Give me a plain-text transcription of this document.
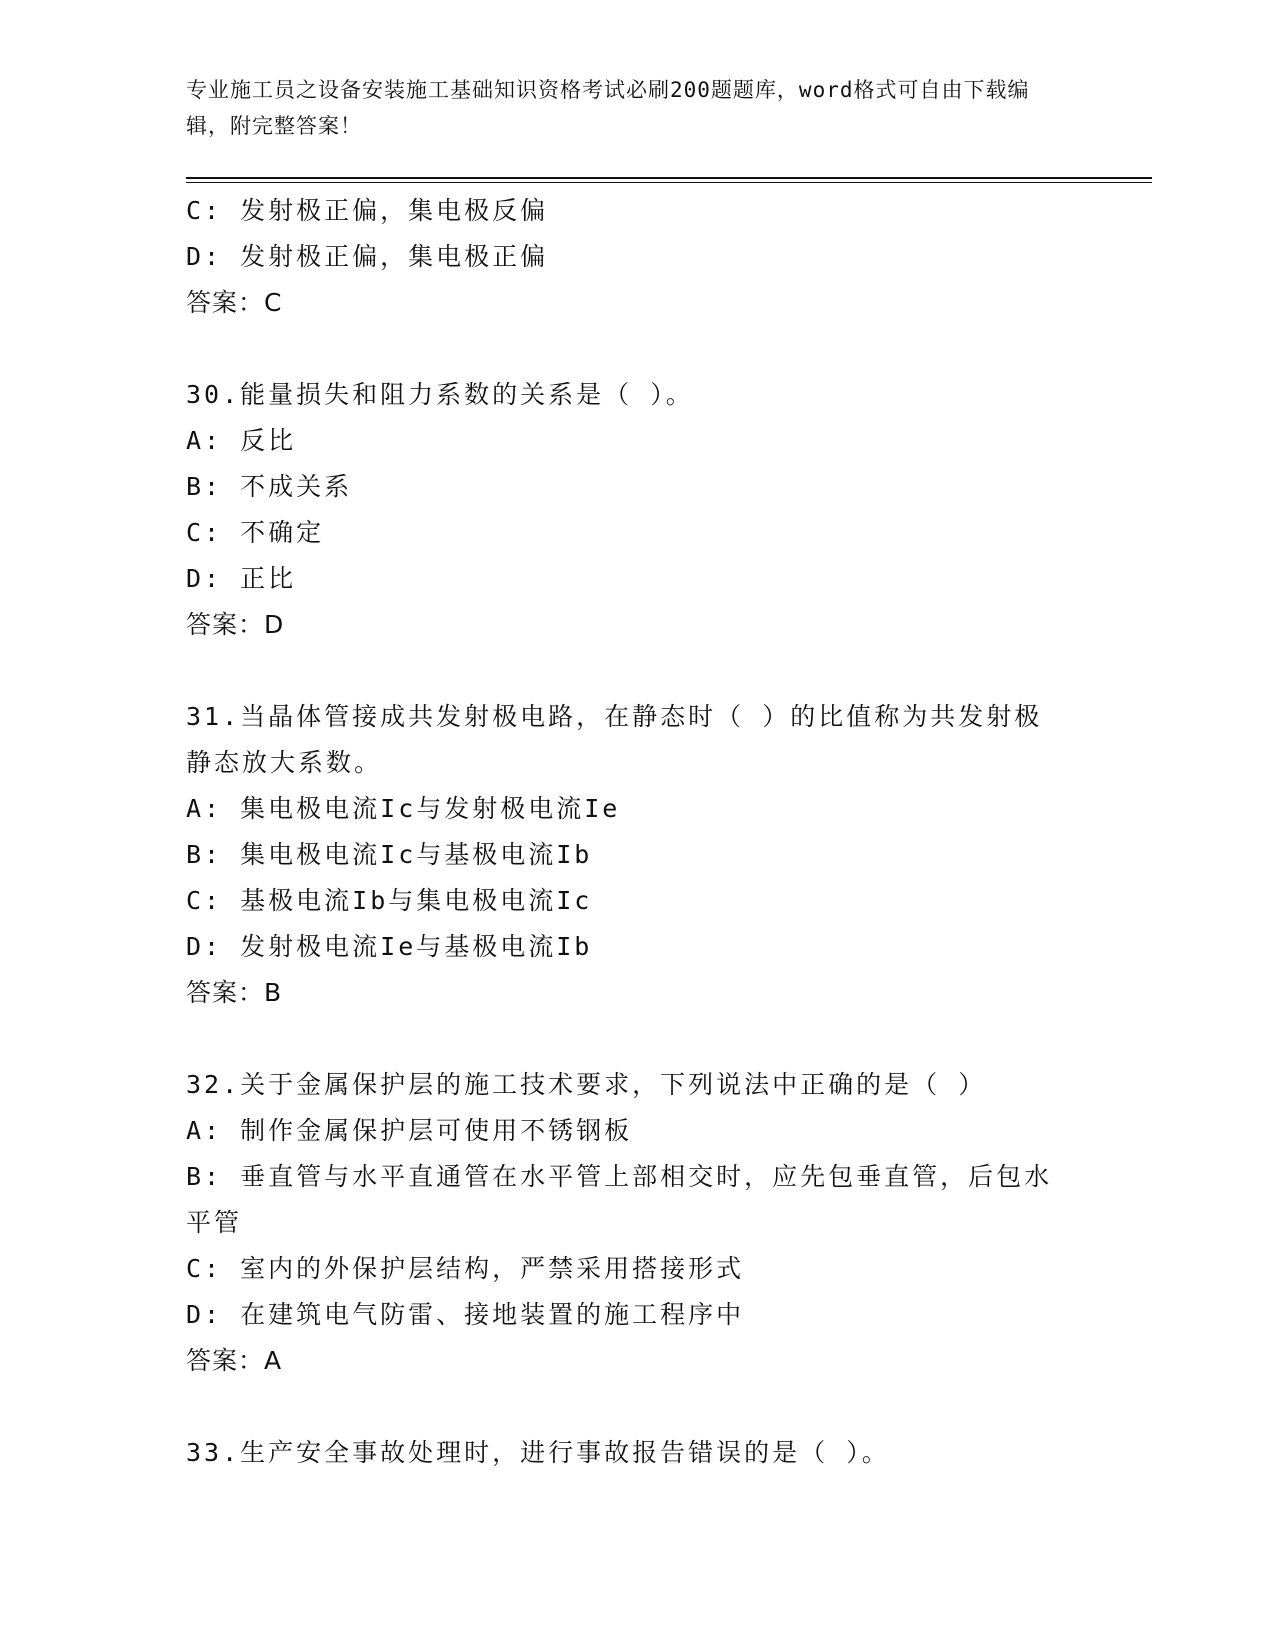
专业施工员之设备安装施工基础知识资格考试必刷200题题库，word格式可自由下载编辑，附完整答案！
C: 发射极正偏，集电极反偏
D: 发射极正偏，集电极正偏
答案：C
30.能量损失和阻力系数的关系是（ ）。
A: 反比
B: 不成关系
C: 不确定
D: 正比
答案：D
31.当晶体管接成共发射极电路，在静态时（ ）的比值称为共发射极静态放大系数。
A: 集电极电流Ic与发射极电流Ie
B: 集电极电流Ic与基极电流Ib
C: 基极电流Ib与集电极电流Ic
D: 发射极电流Ie与基极电流Ib
答案：B
32.关于金属保护层的施工技术要求，下列说法中正确的是（ ）
A: 制作金属保护层可使用不锈钢板
B: 垂直管与水平直通管在水平管上部相交时，应先包垂直管，后包水平管
C: 室内的外保护层结构，严禁采用搭接形式
D: 在建筑电气防雷、接地装置的施工程序中
答案：A
33.生产安全事故处理时，进行事故报告错误的是（ ）。
